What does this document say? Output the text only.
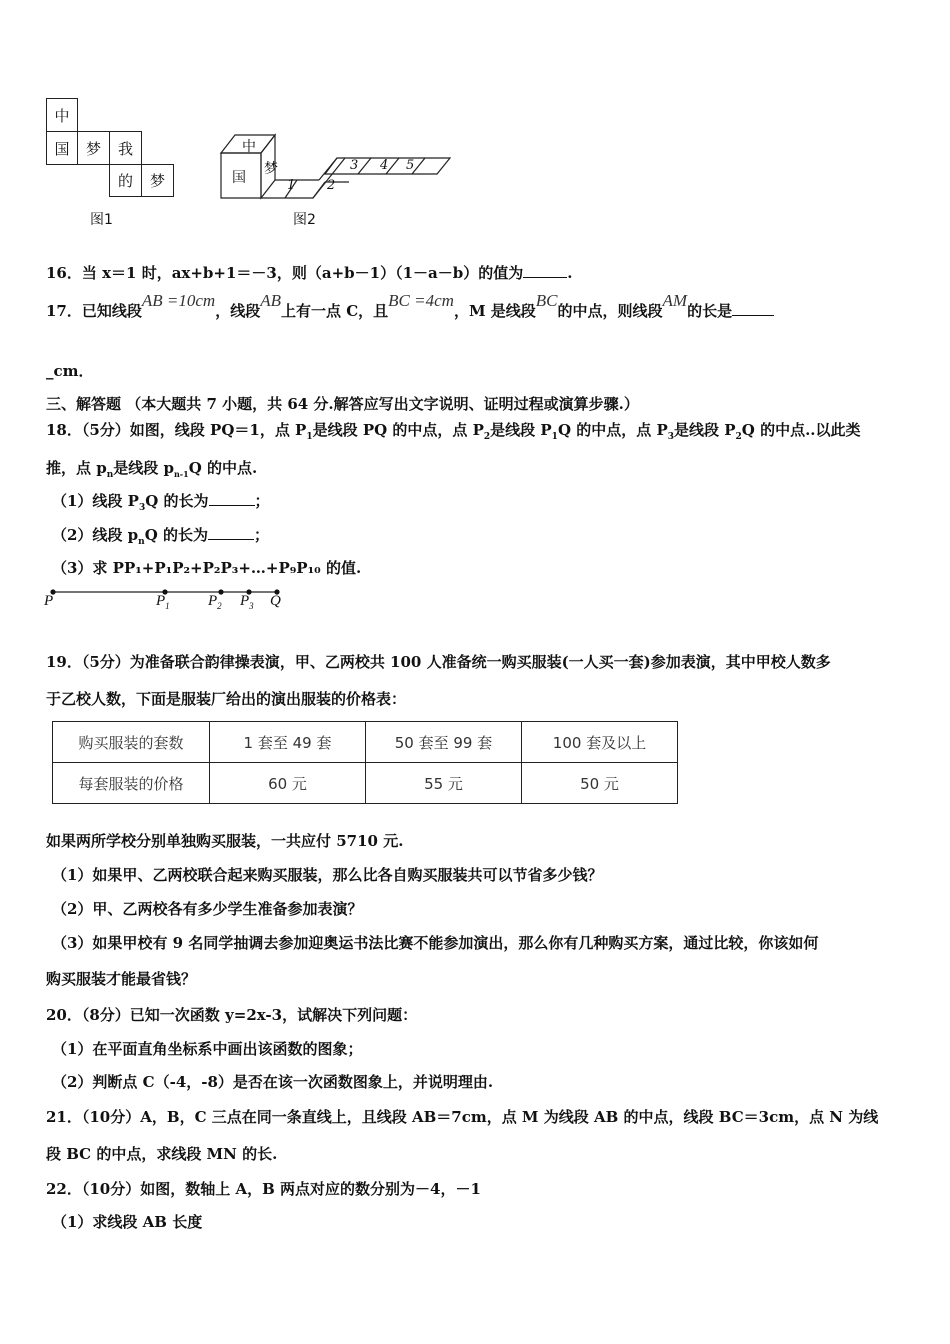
中
国	梦	我
的	梦
图1
中
国
梦
1 2
3 4 5
图2
16．当 x＝1 时，ax+b+1＝－3，则（a+b－1）（1－a－b）的值为	.
17．已知线段AB =10cm，线段AB上有一点 C，且BC =4cm，M 是线段BC的中点，则线段AM的长是
_cm．
三、解答题 （本大题共 7 小题，共 64 分.解答应写出文字说明、证明过程或演算步骤.）
18．（5分）如图，线段 PQ＝1，点 $P_1$是线段 PQ 的中点，点 $P_2$是线段 $P_1Q$ 的中点，点 $P_3$是线段 $P_2Q$ 的中点..以此类
推，点 $p_n$是线段 $p_{n-1}Q$ 的中点.
（1）线段 $P_3Q$ 的长为	；
（2）线段 $p_nQ$ 的长为	；
（3）求 PP₁+P₁P₂+P₂P₃+…+P₉P₁₀ 的值.
P	$P_1$	$P_2$ $P_3$ Q
19．（5分）为准备联合韵律操表演，甲、乙两校共 100 人准备统一购买服装(一人买一套)参加表演，其中甲校人数多
于乙校人数，下面是服装厂给出的演出服装的价格表：
购买服装的套数	1 套至 49 套	50 套至 99 套	100 套及以上
每套服装的价格	60 元	55 元	50 元
如果两所学校分别单独购买服装，一共应付 5710 元.
（1）如果甲、乙两校联合起来购买服装，那么比各自购买服装共可以节省多少钱？
（2）甲、乙两校各有多少学生准备参加表演？
（3）如果甲校有 9 名同学抽调去参加迎奥运书法比赛不能参加演出，那么你有几种购买方案，通过比较，你该如何
购买服装才能最省钱？
20．（8分）已知一次函数 y=2x-3，试解决下列问题：
（1）在平面直角坐标系中画出该函数的图象；
（2）判断点 C（-4，-8）是否在该一次函数图象上，并说明理由.
21．（10分）A，B，C 三点在同一条直线上，且线段 AB＝7cm，点 M 为线段 AB 的中点，线段 BC＝3cm，点 N 为线
段 BC 的中点，求线段 MN 的长.
22．（10分）如图，数轴上 A，B 两点对应的数分别为－4，－1
（1）求线段 AB 长度
